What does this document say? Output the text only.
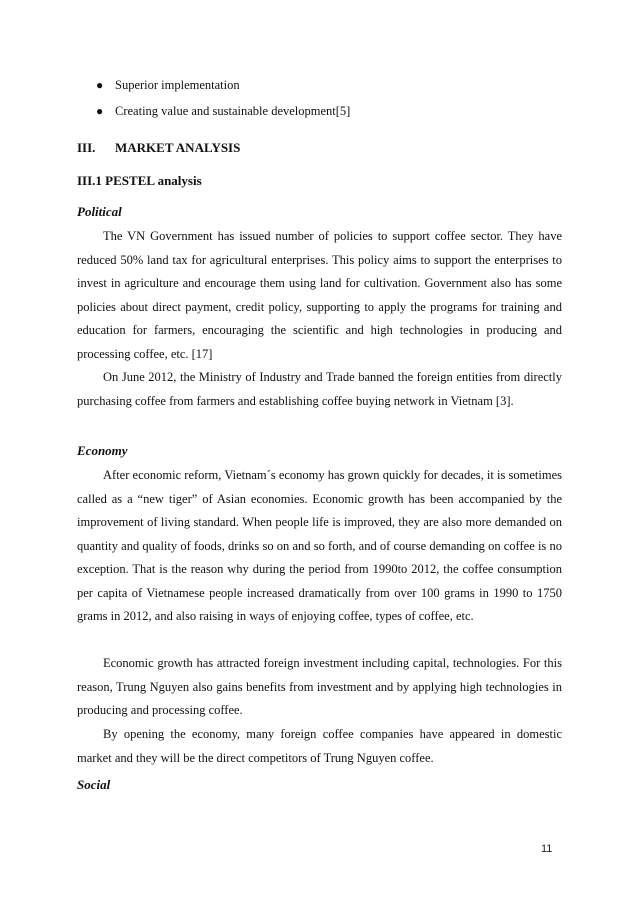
● Superior implementation
● Creating value and sustainable development[5]
III.	MARKET ANALYSIS
III.1 PESTEL analysis
Political

The VN Government has issued number of policies to support coffee sector. They have reduced 50% land tax for agricultural enterprises. This policy aims to support the enterprises to invest in agriculture and encourage them using land for cultivation. Government also has some policies about direct payment, credit policy, supporting to apply the programs for training and education for farmers, encouraging the scientific and high technologies in producing and processing coffee, etc. [17]

On June 2012, the Ministry of Industry and Trade banned the foreign entities from directly purchasing coffee from farmers and establishing coffee buying network in Vietnam [3].

Economy

After economic reform, Vietnam´s economy has grown quickly for decades, it is sometimes called as a “new tiger” of Asian economies. Economic growth has been accompanied by the improvement of living standard. When people life is improved, they are also more demanded on quantity and quality of foods, drinks so on and so forth, and of course demanding on coffee is no exception. That is the reason why during the period from 1990to 2012, the coffee consumption per capita of Vietnamese people increased dramatically from over 100 grams in 1990 to 1750 grams in 2012, and also raising in ways of enjoying coffee, types of coffee, etc.

Economic growth has attracted foreign investment including capital, technologies. For this reason, Trung Nguyen also gains benefits from investment and by applying high technologies in producing and processing coffee.

By opening the economy, many foreign coffee companies have appeared in domestic market and they will be the direct competitors of Trung Nguyen coffee.

Social
11
